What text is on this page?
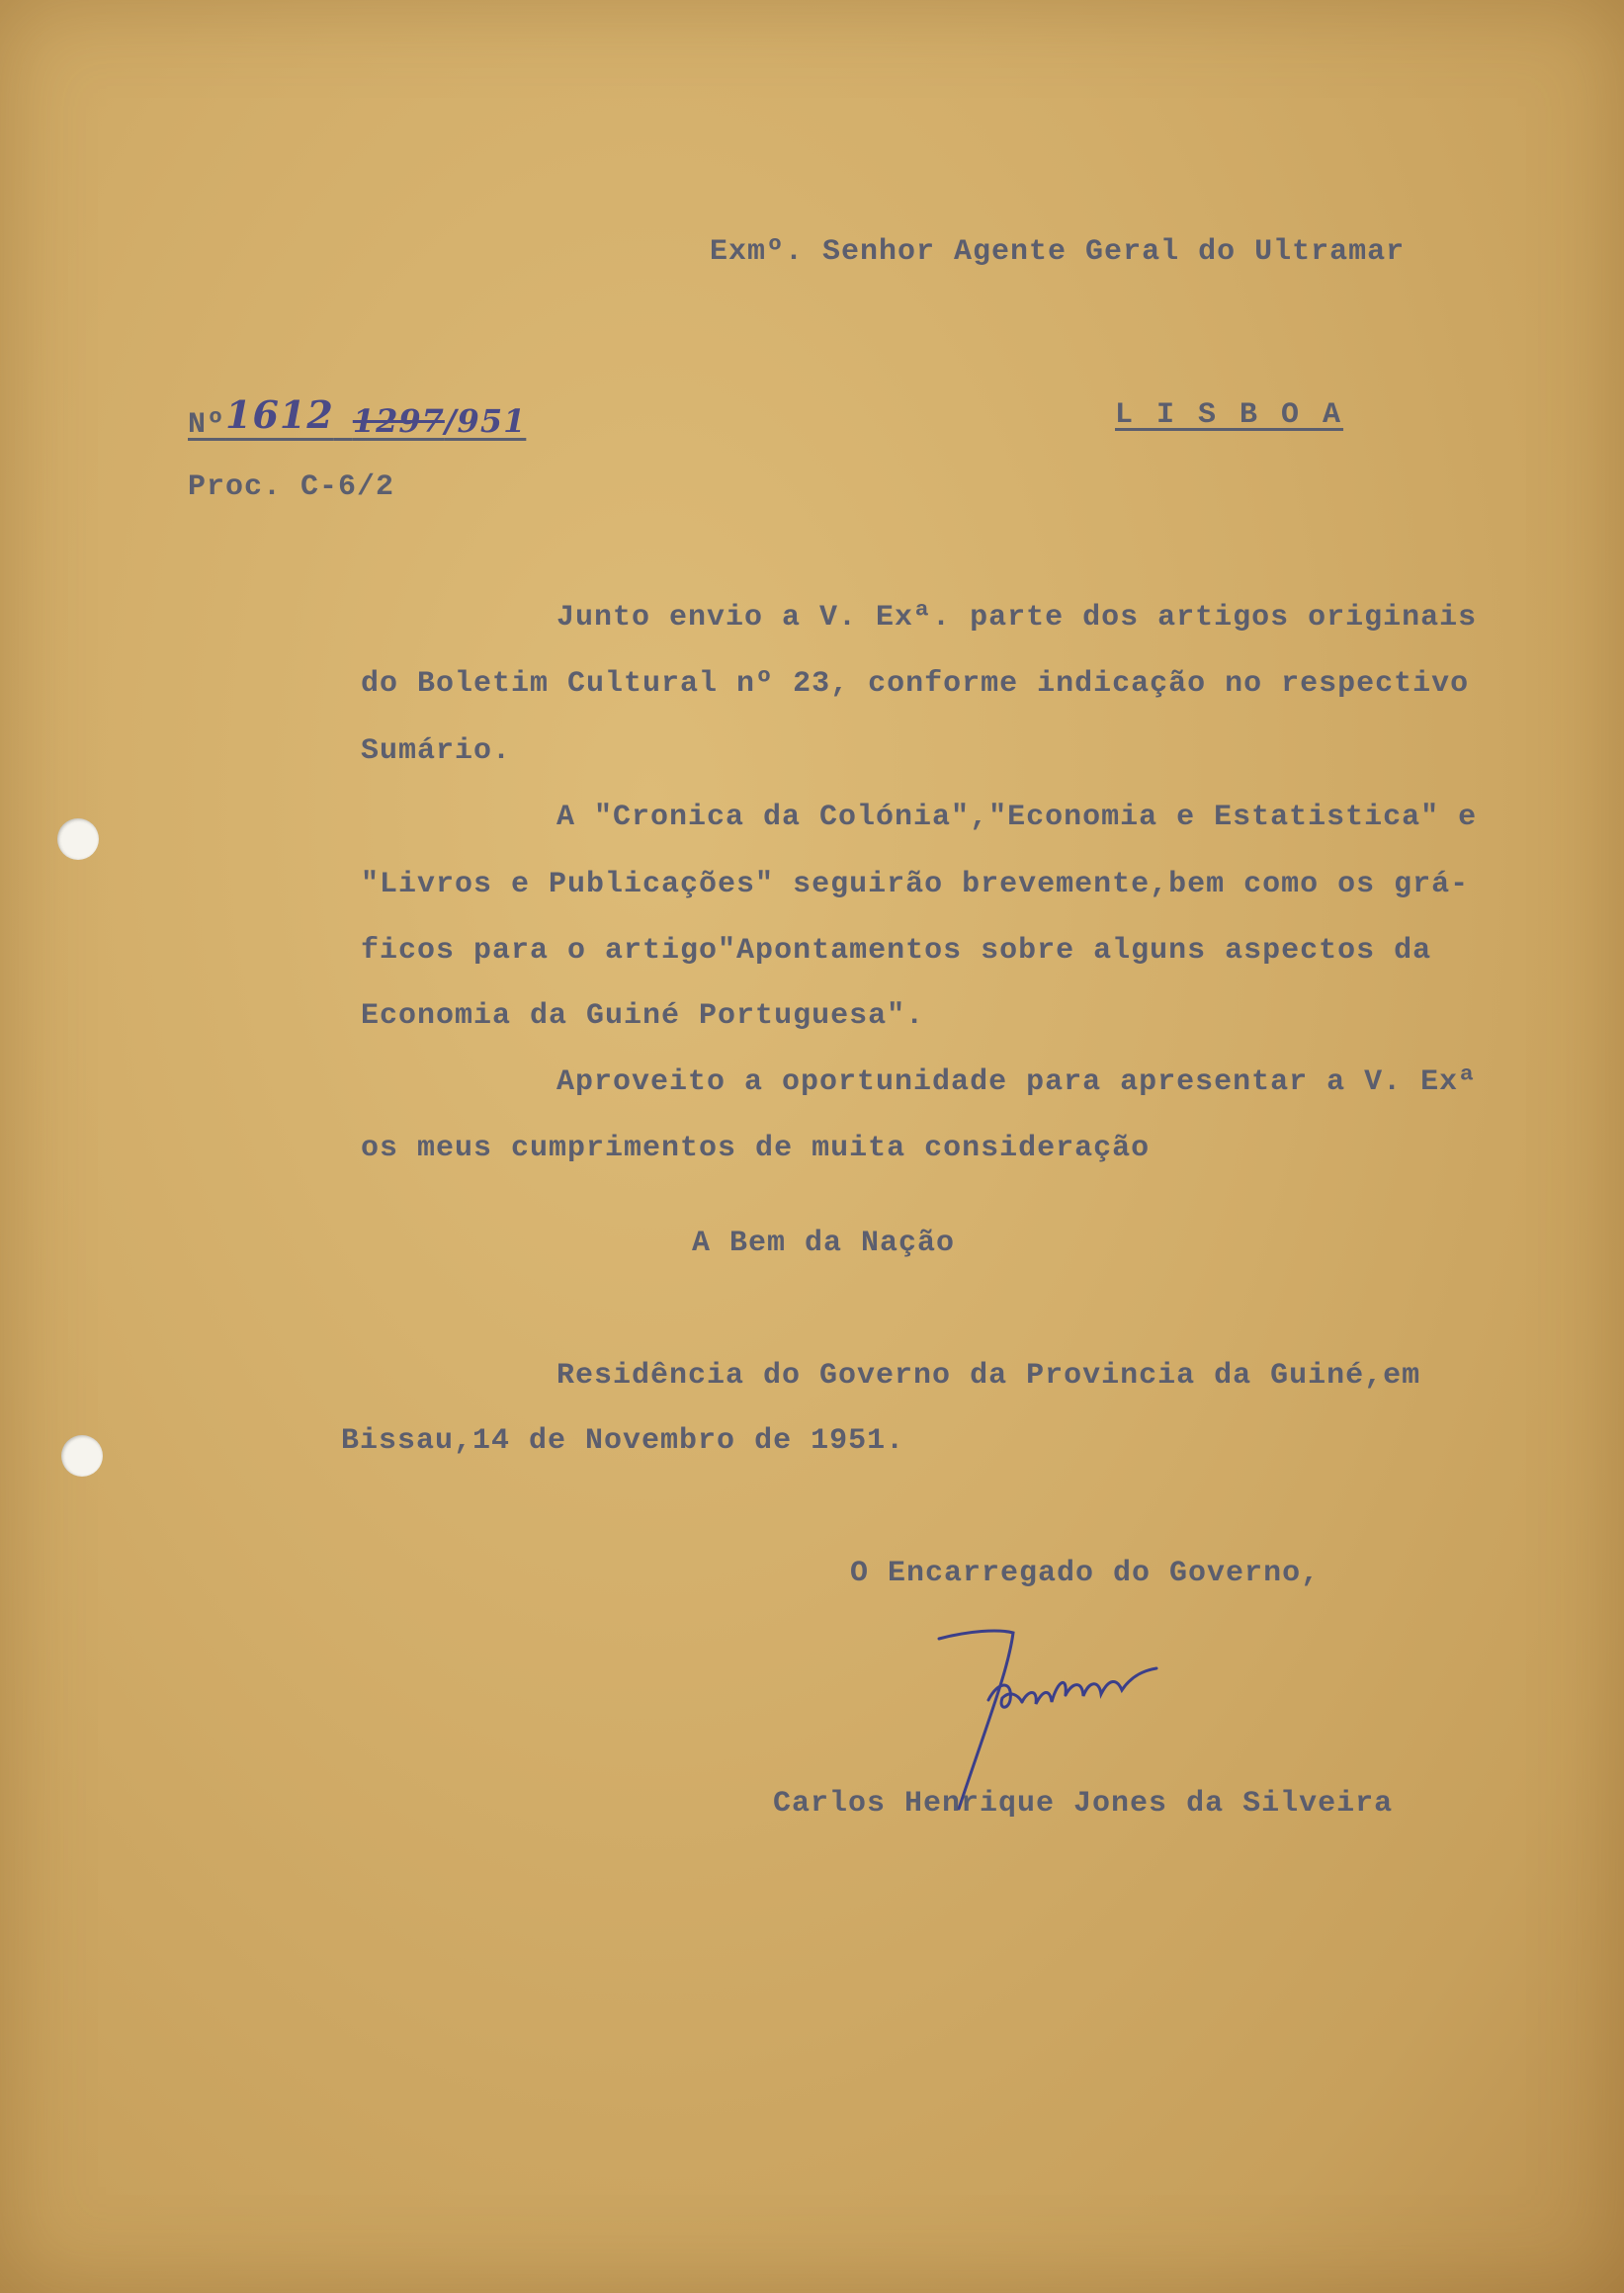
Exmº. Senhor Agente Geral do Ultramar
Nº1612 1297/951	L I S B O A
Proc. C-6/2
Junto envio a V. Exª. parte dos artigos originais
do Boletim Cultural nº 23, conforme indicação no respectivo
Sumário.
A "Cronica da Colónia","Economia e Estatistica" e
"Livros e Publicações" seguirão brevemente,bem como os grá-
ficos para o artigo"Apontamentos sobre alguns aspectos da
Economia da Guiné Portuguesa".
Aproveito a oportunidade para apresentar a V. Exª
os meus cumprimentos de muita consideração
A Bem da Nação
Residência do Governo da Provincia da Guiné,em
Bissau,14 de Novembro de 1951.
O Encarregado do Governo,
Carlos Henrique Jones da Silveira
